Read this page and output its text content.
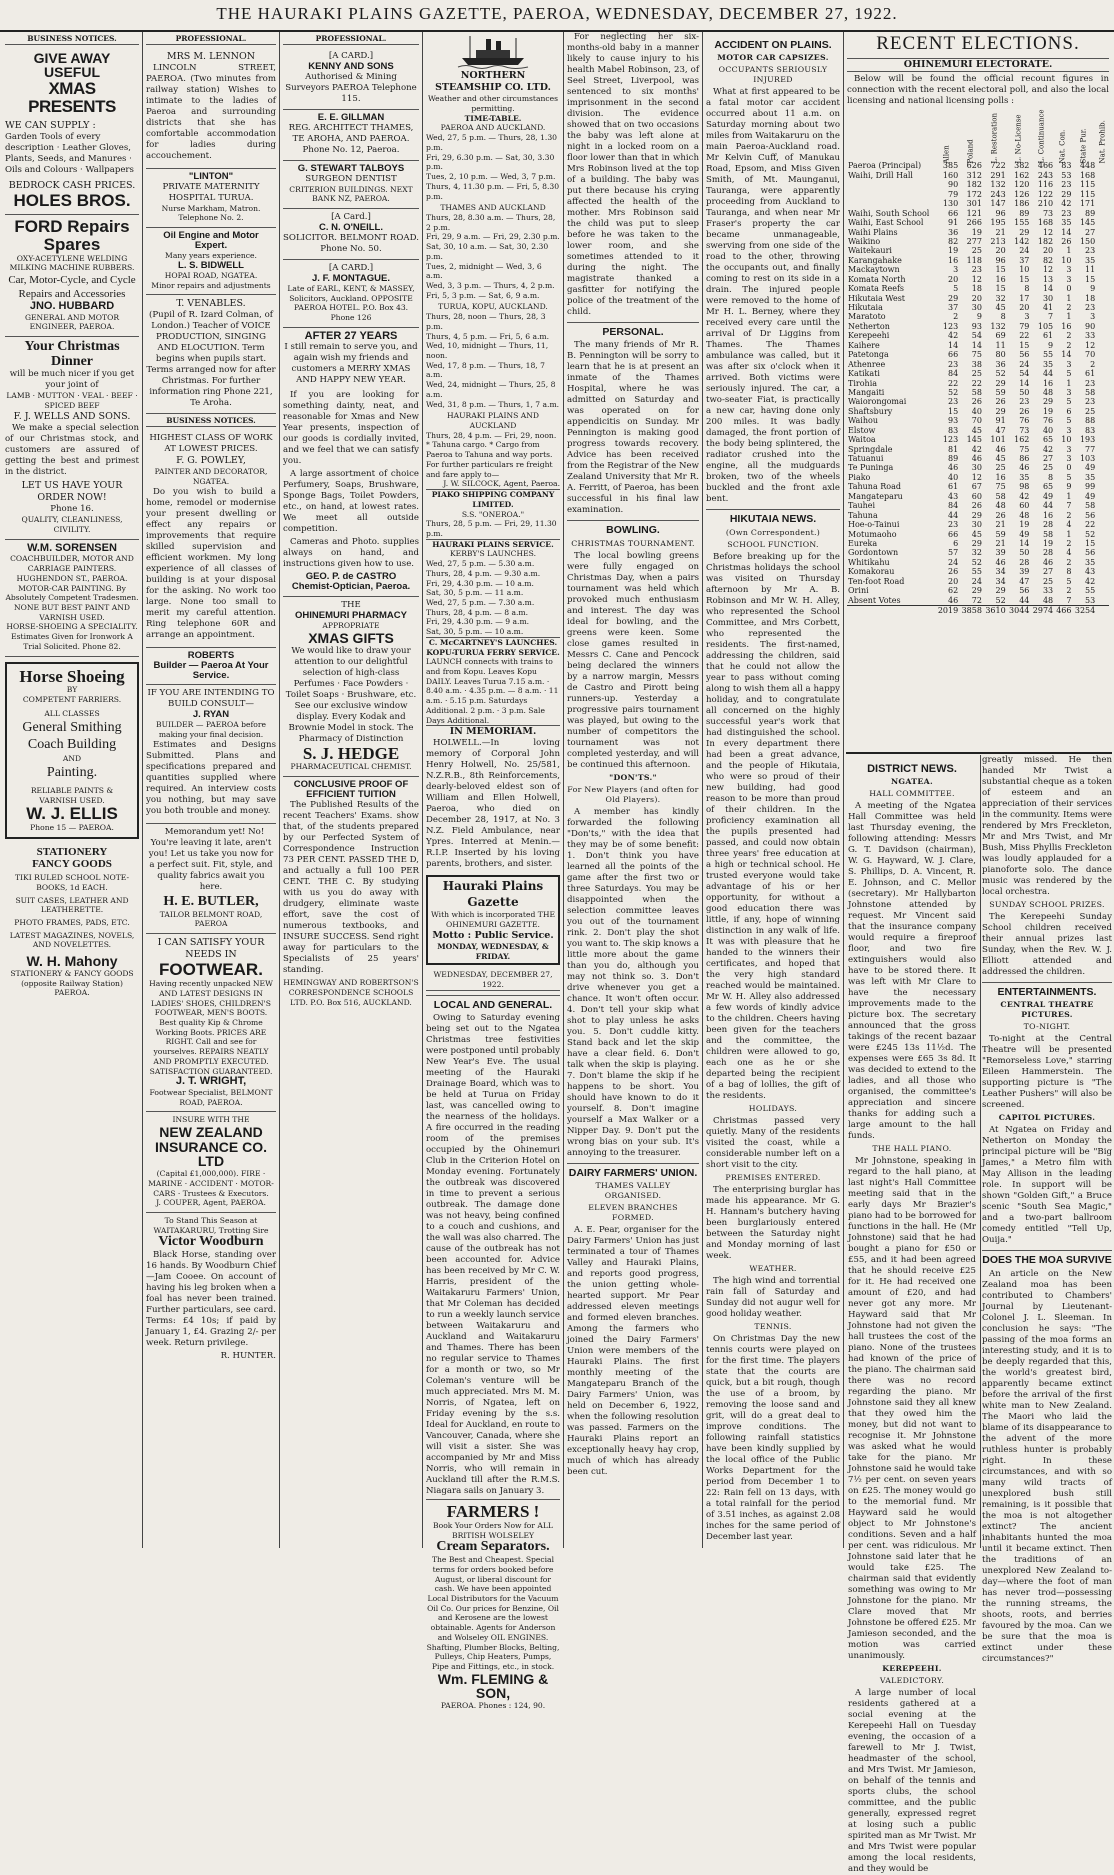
THE HAURAKI PLAINS GAZETTE, PAEROA, WEDNESDAY, DECEMBER 27, 1922.
BUSINESS NOTICES.
GIVE AWAY
USEFUL
XMAS PRESENTS
WE CAN SUPPLY :
Garden Tools of every description · Leather Gloves, Plants, Seeds, and Manures · Oils and Colours · Wallpapers
BEDROCK CASH PRICES.
HOLES BROS.
FORD Repairs Spares
OXY-ACETYLENE WELDING
MILKING MACHINE RUBBERS.
Car, Motor-Cycle, and Cycle Repairs and Accessories
JNO. HUBBARD
GENERAL AND MOTOR ENGINEER, PAEROA.
Your Christmas Dinner
will be much nicer if you get your joint of
LAMB · MUTTON · VEAL · BEEF · SPICED BEEF
F. J. WELLS AND SONS.

We make a special selection of our Christmas stock, and customers are assured of getting the best and primest in the district.

LET US HAVE YOUR ORDER NOW!
Phone 16.
QUALITY, CLEANLINESS, CIVILITY.
W.M. SORENSEN
COACHBUILDER, MOTOR AND CARRIAGE PAINTERS.
HUGHENDON ST., PAEROA.
MOTOR-CAR PAINTING. By Absolutely Competent Tradesmen.
NONE BUT BEST PAINT AND VARNISH USED.
HORSE-SHOEING A SPECIALITY.
Estimates Given for Ironwork A Trial Solicited. Phone 82.
Horse Shoeing
BY
COMPETENT FARRIERS.
ALL CLASSES
General Smithing
Coach Building
AND
Painting.
RELIABLE PAINTS & VARNISH USED.
W. J. ELLIS
Phone 15 — PAEROA.
STATIONERY
FANCY GOODS
TIKI RULED SCHOOL NOTE-BOOKS, 1d EACH.
SUIT CASES, LEATHER AND LEATHERETTE.
PHOTO FRAMES, PADS, ETC.
LATEST MAGAZINES, NOVELS, AND NOVELETTES.
W. H. Mahony
STATIONERY & FANCY GOODS
(opposite Railway Station) PAEROA.
PROFESSIONAL.
MRS M. LENNON

LINCOLN STREET, PAEROA. (Two minutes from railway station) Wishes to intimate to the ladies of Paeroa and surrounding districts that she has comfortable accommodation for ladies during accouchement.

"LINTON"
PRIVATE MATERNITY HOSPITAL TURUA.
Nurse Markham, Matron. Telephone No. 2.
Oil Engine and Motor Expert.
Many years experience.
L. S. BIDWELL
HOPAI ROAD, NGATEA.
Minor repairs and adjustments
T. VENABLES.
(Pupil of R. Izard Colman, of London.) Teacher of VOICE PRODUCTION, SINGING AND ELOCUTION. Term begins when pupils start. Terms arranged now for after Christmas. For further information ring Phone 221, Te Aroha.
BUSINESS NOTICES.
HIGHEST CLASS OF WORK AT LOWEST PRICES.
F. G. POWLEY,
PAINTER AND DECORATOR, NGATEA.

Do you wish to build a home, remodel or modernise your present dwelling or effect any repairs or improvements that require skilled supervision and efficient workmen. My long experience of all classes of building is at your disposal for the asking. No work too large. None too small to merit my careful attention. Ring telephone 60R and arrange an appointment.

ROBERTS
Builder — Paeroa At Your Service.
IF YOU ARE INTENDING TO BUILD CONSULT—
J. RYAN
BUILDER — PAEROA before making your final decision.

Estimates and Designs Submitted. Plans and specifications prepared and quantities supplied where required. An interview costs you nothing, but may save you both trouble and money.

Memorandum yet! No! You're leaving it late, aren't you! Let us take you now for a perfect suit. Fit, style, and quality fabrics await you here.

H. E. BUTLER,
TAILOR BELMONT ROAD, PAEROA
I CAN SATISFY YOUR NEEDS IN
FOOTWEAR.
Having recently unpacked NEW AND LATEST DESIGNS IN LADIES' SHOES, CHILDREN'S FOOTWEAR, MEN'S BOOTS. Best quality Kip & Chrome Working Boots. PRICES ARE RIGHT. Call and see for yourselves. REPAIRS NEATLY AND PROMPTLY EXECUTED. SATISFACTION GUARANTEED.
J. T. WRIGHT,
Footwear Specialist, BELMONT ROAD, PAEROA.
INSURE WITH THE
NEW ZEALAND INSURANCE CO. LTD
(Capital £1,000,000). FIRE · MARINE · ACCIDENT · MOTOR-CARS · Trustees & Executors.
J. COUPER, Agent, PAEROA.
To Stand This Season at WAITAKARURU, Trotting Sire
Victor Woodburn

Black Horse, standing over 16 hands. By Woodburn Chief—Jam Cooee. On account of having his leg broken when a foal has never been trained. Further particulars, see card. Terms: £4 10s; if paid by January 1, £4. Grazing 2/- per week. Return privilege.

R. HUNTER.
PROFESSIONAL.
[A CARD.]
KENNY AND SONS
Authorised & Mining Surveyors PAEROA Telephone 115.
E. E. GILLMAN
REG. ARCHITECT THAMES, TE AROHA, AND PAEROA. Phone No. 12, Paeroa.
G. STEWART TALBOYS
SURGEON DENTIST
CRITERION BUILDINGS. NEXT BANK NZ, PAEROA.
[A Card.]
C. N. O'NEILL.
SOLICITOR. BELMONT ROAD. Phone No. 50.
[A CARD.]
J. F. MONTAGUE.
Late of EARL, KENT, & MASSEY, Solicitors, Auckland. OPPOSITE PAEROA HOTEL. P.O. Box 43. Phone 126
AFTER 27 YEARS
I still remain to serve you, and again wish my friends and customers a MERRY XMAS AND HAPPY NEW YEAR.

If you are looking for something dainty, neat, and reasonable for Xmas and New Year presents, inspection of our goods is cordially invited, and we feel that we can satisfy you.

A large assortment of choice Perfumery, Soaps, Brushware, Sponge Bags, Toilet Powders, etc., on hand, at lowest rates. We meet all outside competition.

Cameras and Photo. supplies always on hand, and instructions given how to use.

GEO. P. de CASTRO
Chemist-Optician, Paeroa.
THE
OHINEMURI PHARMACY
APPROPRIATE
XMAS GIFTS
We would like to draw your attention to our delightful selection of high-class Perfumes · Face Powders · Toilet Soaps · Brushware, etc. See our exclusive window display. Every Kodak and Brownie Model in stock. The Pharmacy of Distinction
S. J. HEDGE
PHARMACEUTICAL CHEMIST.
CONCLUSIVE PROOF OF EFFICIENT TUITION

The Published Results of the recent Teachers' Exams. show that, of the students prepared by our Perfected System of Correspondence Instruction 73 PER CENT. PASSED THE D, and actually a full 100 PER CENT. THE C. By studying with us you do away with drudgery, eliminate waste effort, save the cost of numerous textbooks, and INSURE SUCCESS. Send right away for particulars to the Specialists of 25 years' standing.

HEMINGWAY AND ROBERTSON'S CORRESPONDENCE SCHOOLS LTD. P.O. Box 516, AUCKLAND.
NORTHERN STEAMSHIP CO. LTD.
Weather and other circumstances permitting.
TIME-TABLE.
PAEROA AND AUCKLAND.
Wed, 27, 5 p.m. — Thurs, 28, 1.30 p.m.
Fri, 29, 6.30 p.m. — Sat, 30, 3.30 p.m.
Tues, 2, 10 p.m. — Wed, 3, 7 p.m.
Thurs, 4, 11.30 p.m. — Fri, 5, 8.30 p.m.
THAMES AND AUCKLAND
Thurs, 28, 8.30 a.m. — Thurs, 28, 2 p.m.
Fri, 29, 9 a.m. — Fri, 29, 2.30 p.m.
Sat, 30, 10 a.m. — Sat, 30, 2.30 p.m.
Tues, 2, midnight — Wed, 3, 6 a.m.
Wed, 3, 3 p.m. — Thurs, 4, 2 p.m.
Fri, 5, 3 p.m. — Sat, 6, 9 a.m.
TURUA, KOPU, AUCKLAND.
Thurs, 28, noon — Thurs, 28, 3 p.m.
Thurs, 4, 5 p.m. — Fri, 5, 6 a.m.
Wed, 10, midnight — Thurs, 11, noon.
Wed, 17, 8 p.m. — Thurs, 18, 7 a.m.
Wed, 24, midnight — Thurs, 25, 8 a.m.
Wed, 31, 8 p.m. — Thurs, 1, 7 a.m.
HAURAKI PLAINS AND AUCKLAND
Thurs, 28, 4 p.m. — Fri, 29, noon.
* Tahuna cargo. * Cargo from Paeroa to Tahuna and way ports. For further particulars re freight and fare apply to—
J. W. SILCOCK, Agent, Paeroa.
PIAKO SHIPPING COMPANY LIMITED.
S.S. "ONEROA."
Thurs, 28, 5 p.m. — Fri, 29, 11.30 p.m.
HAURAKI PLAINS SERVICE.
KERBY'S LAUNCHES.
Wed, 27, 5 p.m. — 5.30 a.m.
Thurs, 28, 4 p.m. — 9.30 a.m.
Fri, 29, 4.30 p.m. — 10 a.m.
Sat, 30, 5 p.m. — 11 a.m.
Wed, 27, 5 p.m. — 7.30 a.m.
Thurs, 28, 4 p.m. — 8 a.m.
Fri, 29, 4.30 p.m. — 9 a.m.
Sat, 30, 5 p.m. — 10 a.m.
C. McCARTNEY'S LAUNCHES. KOPU-TURUA FERRY SERVICE.
LAUNCH connects with trains to and from Kopu. Leaves Kopu DAILY. Leaves Turua 7.15 a.m. · 8.40 a.m. · 4.35 p.m. — 8 a.m. · 11 a.m. · 5.15 p.m. Saturdays Additional. 2 p.m. · 3 p.m. Sale Days Additional.
IN MEMORIAM.

HOLWELL.—In loving memory of Corporal John Henry Holwell, No. 25/581, N.Z.R.B., 8th Reinforcements, dearly-beloved eldest son of William and Ellen Holwell, Paeroa, who died on December 28, 1917, at No. 3 N.Z. Field Ambulance, near Ypres. Interred at Menin.—R.I.P. Inserted by his loving parents, brothers, and sister.

Hauraki Plains Gazette
With which is incorporated THE OHINEMURI GAZETTE.
Motto : Public Service.
MONDAY, WEDNESDAY, & FRIDAY.
WEDNESDAY, DECEMBER 27, 1922.
LOCAL AND GENERAL.

Owing to Saturday evening being set out to the Ngatea Christmas tree festivities were postponed until probably New Year's Eve. The usual meeting of the Hauraki Drainage Board, which was to be held at Turua on Friday last, was cancelled owing to the nearness of the holidays. A fire occurred in the reading room of the premises occupied by the Ohinemuri Club in the Criterion Hotel on Monday evening. Fortunately the outbreak was discovered in time to prevent a serious outbreak. The damage done was not heavy, being confined to a couch and cushions, and the wall was also charred. The cause of the outbreak has not been accounted for. Advice has been received by Mr C. W. Harris, president of the Waitakaruru Farmers' Union, that Mr Coleman has decided to run a weekly launch service between Waitakaruru and Auckland and Waitakaruru and Thames. There has been no regular service to Thames for a month or two, so Mr Coleman's venture will be much appreciated. Mrs M. M. Norris, of Ngatea, left on Friday evening by the s.s. Ideal for Auckland, en route to Vancouver, Canada, where she will visit a sister. She was accompanied by Mr and Miss Norris, who will remain in Auckland till after the R.M.S. Niagara sails on January 3.

FARMERS !
Book Your Orders Now for ALL BRITISH WOLSELEY
Cream Separators.
The Best and Cheapest. Special terms for orders booked before August, or liberal discount for cash. We have been appointed Local Distributors for the Vacuum Oil Co. Our prices for Benzine, Oil and Kerosene are the lowest obtainable. Agents for Anderson and Wolseley OIL ENGINES. Shafting, Plumber Blocks, Belting, Pulleys, Chip Heaters, Pumps, Pipe and Fittings, etc., in stock.
Wm. FLEMING & SON,
PAEROA. Phones : 124, 90.

For neglecting her six-months-old baby in a manner likely to cause injury to his health Mabel Robinson, 23, of Seel Street, Liverpool, was sentenced to six months' imprisonment in the second division. The evidence showed that on two occasions the baby was left alone at night in a locked room on a floor lower than that in which Mrs Robinson lived at the top of a building. The baby was put there because his crying affected the health of the mother. Mrs Robinson said the child was put to sleep before he was taken to the lower room, and she sometimes attended to it during the night. The magistrate thanked a gasfitter for notifying the police of the treatment of the child.

PERSONAL.

The many friends of Mr R. B. Pennington will be sorry to learn that he is at present an inmate of the Thames Hospital, where he was admitted on Saturday and was operated on for appendicitis on Sunday. Mr Pennington is making good progress towards recovery. Advice has been received from the Registrar of the New Zealand University that Mr R. A. Ferritt, of Paeroa, has been successful in his final law examination.

BOWLING.
CHRISTMAS TOURNAMENT.

The local bowling greens were fully engaged on Christmas Day, when a pairs tournament was held which provoked much enthusiasm and interest. The day was ideal for bowling, and the greens were keen. Some close games resulted in Messrs C. Cane and Pencock being declared the winners by a narrow margin, Messrs de Castro and Pirott being runners-up. Yesterday a progressive pairs tournament was played, but owing to the number of competitors the tournament was not completed yesterday, and will be continued this afternoon.

"DON'TS."
For New Players (and often for Old Players).

A member has kindly forwarded the following "Don'ts," with the idea that they may be of some benefit: 1. Don't think you have learned all the points of the game after the first two or three Saturdays. You may be disappointed when the selection committee leaves you out of the tournament rink. 2. Don't play the shot you want to. The skip knows a little more about the game than you do, although you may not think so. 3. Don't drive whenever you get a chance. It won't often occur. 4. Don't tell your skip what shot to play unless he asks you. 5. Don't cuddle kitty. Stand back and let the skip have a clear field. 6. Don't talk when the skip is playing. 7. Don't blame the skip if he happens to be short. You should have known to do it yourself. 8. Don't imagine yourself a Max Walker or a Nipper Day. 9. Don't put the wrong bias on your sub. It's annoying to the treasurer.

DAIRY FARMERS' UNION.
THAMES VALLEY ORGANISED.
ELEVEN BRANCHES FORMED.

A. E. Pear, organiser for the Dairy Farmers' Union has just terminated a tour of Thames Valley and Hauraki Plains, and reports good progress, the union getting whole-hearted support. Mr Pear addressed eleven meetings and formed eleven branches. Among the farmers who joined the Dairy Farmers' Union were members of the Hauraki Plains. The first monthly meeting of the Mangateparu Branch of the Dairy Farmers' Union, was held on December 6, 1922, when the following resolution was passed. Farmers on the Hauraki Plains report an exceptionally heavy hay crop, much of which has already been cut.

ACCIDENT ON PLAINS.
MOTOR CAR CAPSIZES.
OCCUPANTS SERIOUSLY INJURED

What at first appeared to be a fatal motor car accident occurred about 11 a.m. on Saturday morning about two miles from Waitakaruru on the main Paeroa-Auckland road. Mr Kelvin Cuff, of Manukau Road, Epsom, and Miss Given Smith, of Mt. Maunganui, Tauranga, were apparently proceeding from Auckland to Tauranga, and when near Mr Fraser's property the car became unmanageable, swerving from one side of the road to the other, throwing the occupants out, and finally coming to rest on its side in a drain. The injured people were removed to the home of Mr H. L. Berney, where they received every care until the arrival of Dr Liggins from Thames. The Thames ambulance was called, but it was after six o'clock when it arrived. Both victims were seriously injured. The car, a two-seater Fiat, is practically a new car, having done only 200 miles. It was badly damaged, the front portion of the body being splintered, the radiator crushed into the engine, all the mudguards broken, two of the wheels buckled and the front axle bent.

HIKUTAIA NEWS.
(Own Correspondent.)
SCHOOL FUNCTION.

Before breaking up for the Christmas holidays the school was visited on Thursday afternoon by Mr A. B. Robinson and Mr W. H. Alley, who represented the School Committee, and Mrs Corbett, who represented the residents. The first-named, addressing the children, said that he could not allow the year to pass without coming along to wish them all a happy holiday, and to congratulate all concerned on the highly successful year's work that had distinguished the school. In every department there had been a great advance, and the people of Hikutaia, who were so proud of their new building, had good reason to be more than proud of their children. In the proficiency examination all the pupils presented had passed, and could now obtain three years' free education at a high or technical school. He trusted everyone would take advantage of his or her opportunity, for without a good education there was little, if any, hope of winning distinction in any walk of life. It was with pleasure that he handed to the winners their certificates, and hoped that the very high standard reached would be maintained. Mr W. H. Alley also addressed a few words of kindly advice to the children. Cheers having been given for the teachers and the committee, the children were allowed to go, each one as he or she departed being the recipient of a bag of lollies, the gift of the residents.

HOLIDAYS.

Christmas passed very quietly. Many of the residents visited the coast, while a considerable number left on a short visit to the city.

PREMISES ENTERED.

The enterprising burglar has made his appearance. Mr G. H. Hannam's butchery having been burglariously entered between the Saturday night and Monday morning of last week.

WEATHER.

The high wind and torrential rain fall of Saturday and Sunday did not augur well for good holiday weather.

TENNIS.

On Christmas Day the new tennis courts were played on for the first time. The players state that the courts are quick, but a bit rough, though the use of a broom, by removing the loose sand and grit, will do a great deal to improve conditions. The following rainfall statistics have been kindly supplied by the local office of the Public Works Department for the period from December 1 to 22: Rain fell on 13 days, with a total rainfall for the period of 3.51 inches, as against 2.08 inches for the same period of December last year.

RECENT ELECTIONS.
OHINEMURI ELECTORATE.

Below will be found the official recount figures in connection with the recent electoral poll, and also the local licensing and national licensing polls :

	Allen	Poland	L. Restoration	L. No-License	L. Continuance	Nat. Con.	State Pur.	Nat. Prohib.
Paeroa (Principal)	385	626	722	382	466	83	448	
Waihi, Drill Hall	160	312	291	162	243	53	168	
	90	182	132	120	116	23	115	
	79	172	243	126	122	29	115	
	130	301	147	186	210	42	171	
Waihi, South School	66	121	96	89	73	23	89	
Waihi, East School	91	266	195	155	168	35	145	
Waihi Plains	36	19	21	29	12	14	27	
Waikino	82	277	213	142	182	26	150	
Waitekauri	19	25	20	24	20	1	23	
Karangahake	16	118	96	37	82	10	35	
Mackaytown	3	23	15	10	12	3	11	
Komata North	20	12	16	15	13	3	15	
Komata Reefs	5	18	15	8	14	0	9	
Hikutaia West	29	20	32	17	30	1	18	
Hikutaia	37	30	45	20	41	2	23	
Maratoto	2	9	8	3	7	1	3	
Netherton	123	93	132	79	105	16	90	
Kerepeehi	42	54	69	22	61	2	33	
Kaihere	14	14	11	15	9	2	12	
Patetonga	66	75	80	56	55	14	70	
Athenree	23	38	36	24	35	3	2	
Katikati	84	25	52	54	44	5	61	
Tirohia	22	22	29	14	16	1	23	
Mangaiti	52	58	59	50	48	3	58	
Waiorongomai	23	26	26	23	29	5	23	
Shaftsbury	15	40	29	26	19	6	25	
Waihou	93	70	91	76	76	5	88	
Elstow	83	45	47	73	40	3	83	
Waitoa	123	145	101	162	65	10	193	
Springdale	81	42	46	75	42	3	77	
Tatuanui	89	46	45	86	27	3	103	
Te Puninga	46	30	25	46	25	0	49	
Piako	40	12	16	35	8	5	35	
Tahuna Road	61	67	75	98	65	9	99	
Mangateparu	43	60	58	42	49	1	49	
Tauhei	84	26	48	60	44	7	58	
Tahuna	44	29	26	48	16	2	56	
Hoe-o-Tainui	23	30	21	19	28	4	22	
Motumaoho	66	45	59	49	58	1	52	
Eureka	6	29	21	14	19	2	15	
Gordontown	57	32	39	50	28	4	56	
Whitikahu	24	52	46	28	46	2	35	
Komakorau	26	55	34	39	27	8	43	
Ten-foot Road	20	24	34	47	25	5	42	
Orini	62	29	29	56	33	2	55	
Absent Votes	46	72	52	44	48	7	53	
	2019	3858	3610	3044	2974	466	3254	
DISTRICT NEWS.
NGATEA.
HALL COMMITTEE.

A meeting of the Ngatea Hall Committee was held last Thursday evening, the following attending: Messrs G. T. Davidson (chairman), W. G. Hayward, W. J. Clare, S. Phillips, D. A. Vincent, R. E. Johnson, and C. Mellor (secretary). Mr Hallybarton Johnstone attended by request. Mr Vincent said that the insurance company would require a fireproof floor, and two fire extinguishers would also have to be stored there. It was left with Mr Clare to have the necessary improvements made to the picture box. The secretary announced that the gross takings of the recent bazaar were £245 13s 11½d. The expenses were £65 3s 8d. It was decided to extend to the ladies, and all those who organised, the committee's appreciation and sincere thanks for adding such a large amount to the hall funds.

THE HALL PIANO.

Mr Johnstone, speaking in regard to the hall piano, at last night's Hall Committee meeting said that in the early days Mr Brazier's piano had to be borrowed for functions in the hall. He (Mr Johnstone) said that he had bought a piano for £50 or £55, and it had been agreed that he should receive £25 for it. He had received one amount of £20, and had never got any more. Mr Hayward said that Mr Johnstone had not given the hall trustees the cost of the piano. None of the trustees had known of the price of the piano. The chairman said there was no record regarding the piano. Mr Johnstone said they all knew that they owed him the money, but did not want to recognise it. Mr Johnstone was asked what he would take for the piano. Mr Johnstone said he would take 7½ per cent. on seven years on £25. The money would go to the memorial fund. Mr Hayward said he would object to Mr Johnstone's conditions. Seven and a half per cent. was ridiculous. Mr Johnstone said later that he would take £25. The chairman said that evidently something was owing to Mr Johnstone for the piano. Mr Clare moved that Mr Johnstone be offered £25. Mr Jamieson seconded, and the motion was carried unanimously.

KEREPEEHI.
VALEDICTORY.

A large number of local residents gathered at a social evening at the Kerepeehi Hall on Tuesday evening, the occasion of a farewell to Mr J. Twist, headmaster of the school, and Mrs Twist. Mr Jamieson, on behalf of the tennis and sports clubs, the school committee, and the public generally, expressed regret at losing such a public spirited man as Mr Twist. Mr and Mrs Twist were popular among the local residents, and they would be

greatly missed. He then handed Mr Twist a substantial cheque as a token of esteem and an appreciation of their services in the community. Items were rendered by Mrs Freckleton, Mr and Mrs Twist, and Mr Bush, Miss Phyllis Freckleton was loudly applauded for a pianoforte solo. The dance music was rendered by the local orchestra.

SUNDAY SCHOOL PRIZES.

The Kerepeehi Sunday School children received their annual prizes last Sunday, when the Rev. W. J. Elliott attended and addressed the children.

ENTERTAINMENTS.
CENTRAL THEATRE PICTURES.
TO-NIGHT.

To-night at the Central Theatre will be presented "Remorseless Love," starring Eileen Hammerstein. The supporting picture is "The Leather Pushers" will also be screened.

CAPITOL PICTURES.

At Ngatea on Friday and Netherton on Monday the principal picture will be "Big James," a Metro film with May Allison in the leading role. In support will be shown "Golden Gift," a Bruce scenic "South Sea Magic," and a two-part ballroom comedy entitled "Tell Up, Ouija."

DOES THE MOA SURVIVE

An article on the New Zealand moa has been contributed to Chambers' Journal by Lieutenant-Colonel J. L. Sleeman. In conclusion he says: "The passing of the moa forms an interesting study, and it is to be deeply regarded that this, the world's greatest bird, apparently became extinct before the arrival of the first white man to New Zealand. The Maori who laid the blame of its disappearance to the advent of the more ruthless hunter is probably right. In these circumstances, and with so many wild tracts of unexplored bush still remaining, is it possible that the moa is not altogether extinct? The ancient inhabitants hunted the moa until it became extinct. Then the traditions of an unexplored New Zealand to-day—where the foot of man has never trod—possessing the running streams, the shoots, roots, and berries favoured by the moa. Can we be sure that the moa is extinct under these circumstances?"
